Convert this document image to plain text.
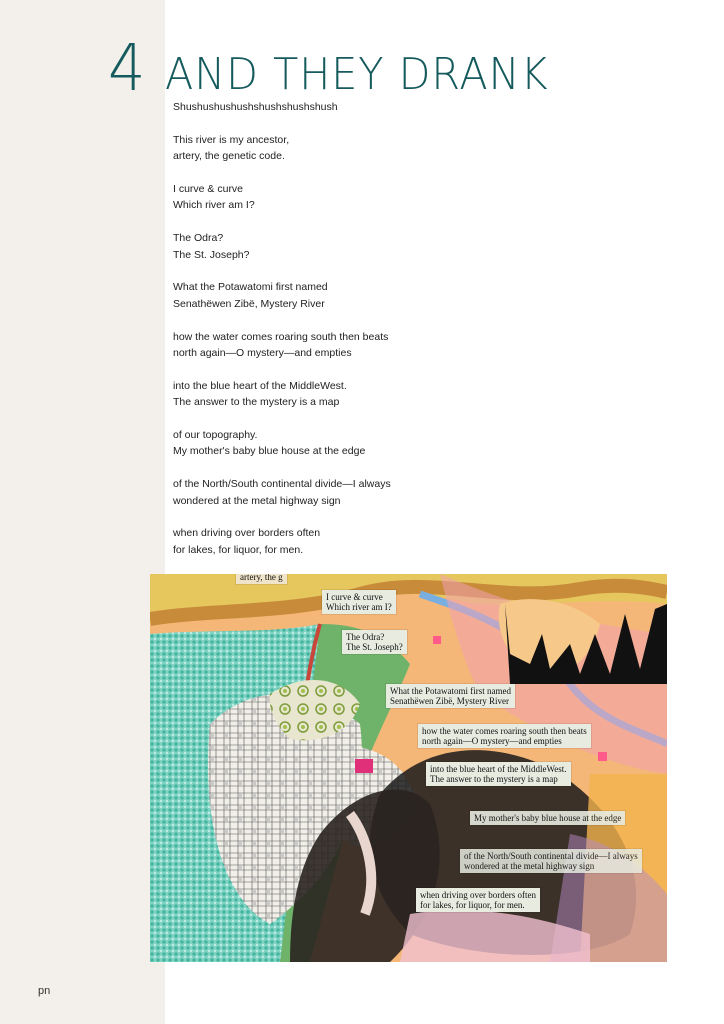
4 AND THEY DRANK
Shushushushushshushshushshush
This river is my ancestor,
artery, the genetic code.
I curve & curve
Which river am I?
The Odra?
The St. Joseph?
What the Potawatomi first named
Senathëwen Zibë, Mystery River
how the water comes roaring south then beats
north again—O mystery—and empties
into the blue heart of the MiddleWest.
The answer to the mystery is a map
of our topography.
My mother's baby blue house at the edge
of the North/South continental divide—I always
wondered at the metal highway sign
when driving over borders often
for lakes, for liquor, for men.
artery, the g
I curve & curve
Which river am I?
The Odra?
The St. Joseph?
What the Potawatomi first named
Senathëwen Zibë, Mystery River
how the water comes roaring south then beats
north again—O mystery—and empties
into the blue heart of the MiddleWest.
The answer to the mystery is a map
My mother's baby blue house at the edge
of the North/South continental divide—I always
wondered at the metal highway sign
when driving over borders often
for lakes, for liquor, for men.
pn
